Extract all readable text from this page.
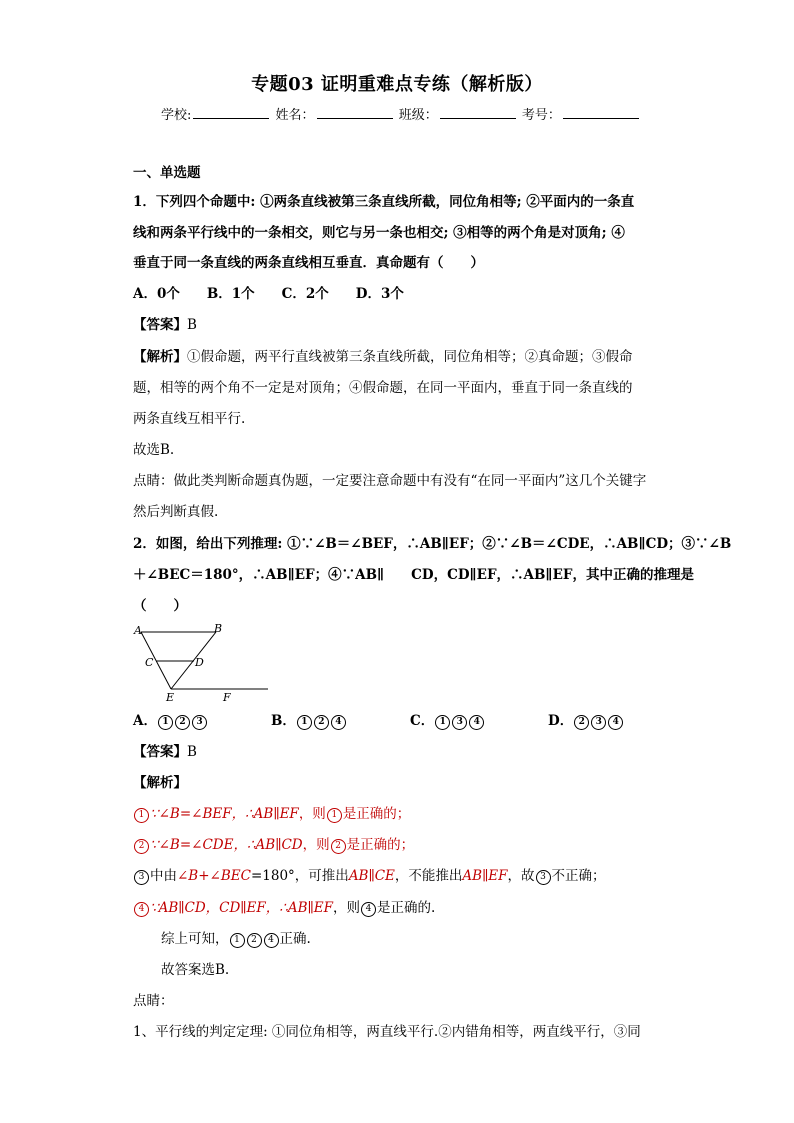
专题03 证明重难点专练（解析版）
学校:	姓名：	班级：	考号：
一、单选题
1．下列四个命题中: ①两条直线被第三条直线所截，同位角相等; ②平面内的一条直
线和两条平行线中的一条相交，则它与另一条也相交; ③相等的两个角是对顶角; ④
垂直于同一条直线的两条直线相互垂直．真命题有（　　）
A．0个　　B．1个　　C．2个　　D．3个
【答案】B
【解析】①假命题，两平行直线被第三条直线所截，同位角相等；②真命题；③假命
题，相等的两个角不一定是对顶角；④假命题，在同一平面内，垂直于同一条直线的
两条直线互相平行.
故选B.
点睛：做此类判断命题真伪题，一定要注意命题中有没有“在同一平面内”这几个关键字
然后判断真假.
2．如图，给出下列推理: ①∵∠B＝∠BEF，∴AB∥EF；②∵∠B＝∠CDE，∴AB∥CD；③∵∠B
＋∠BEC＝180°，∴AB∥EF；④∵AB∥　　CD，CD∥EF，∴AB∥EF，其中正确的推理是
（　　）
A	B
C	D
E	F
A． 1 2 3	B． 1 2 4	C． 1 3 4	D． 2 3 4
【答案】B
【解析】
1 ∵∠B=∠BEF，∴AB∥EF，则 1 是正确的；
2 ∵∠B=∠CDE，∴AB∥CD，则 2 是正确的；
3 中由∠B+∠BEC=180°，可推出AB∥CE，不能推出AB∥EF，故 3 不正确；
4 ∵AB∥CD，CD∥EF，∴AB∥EF，则 4 是正确的.
综上可知， 1 2 4 正确.
故答案选B.
点睛：
1、平行线的判定定理: ①同位角相等，两直线平行.②内错角相等，两直线平行，③同
